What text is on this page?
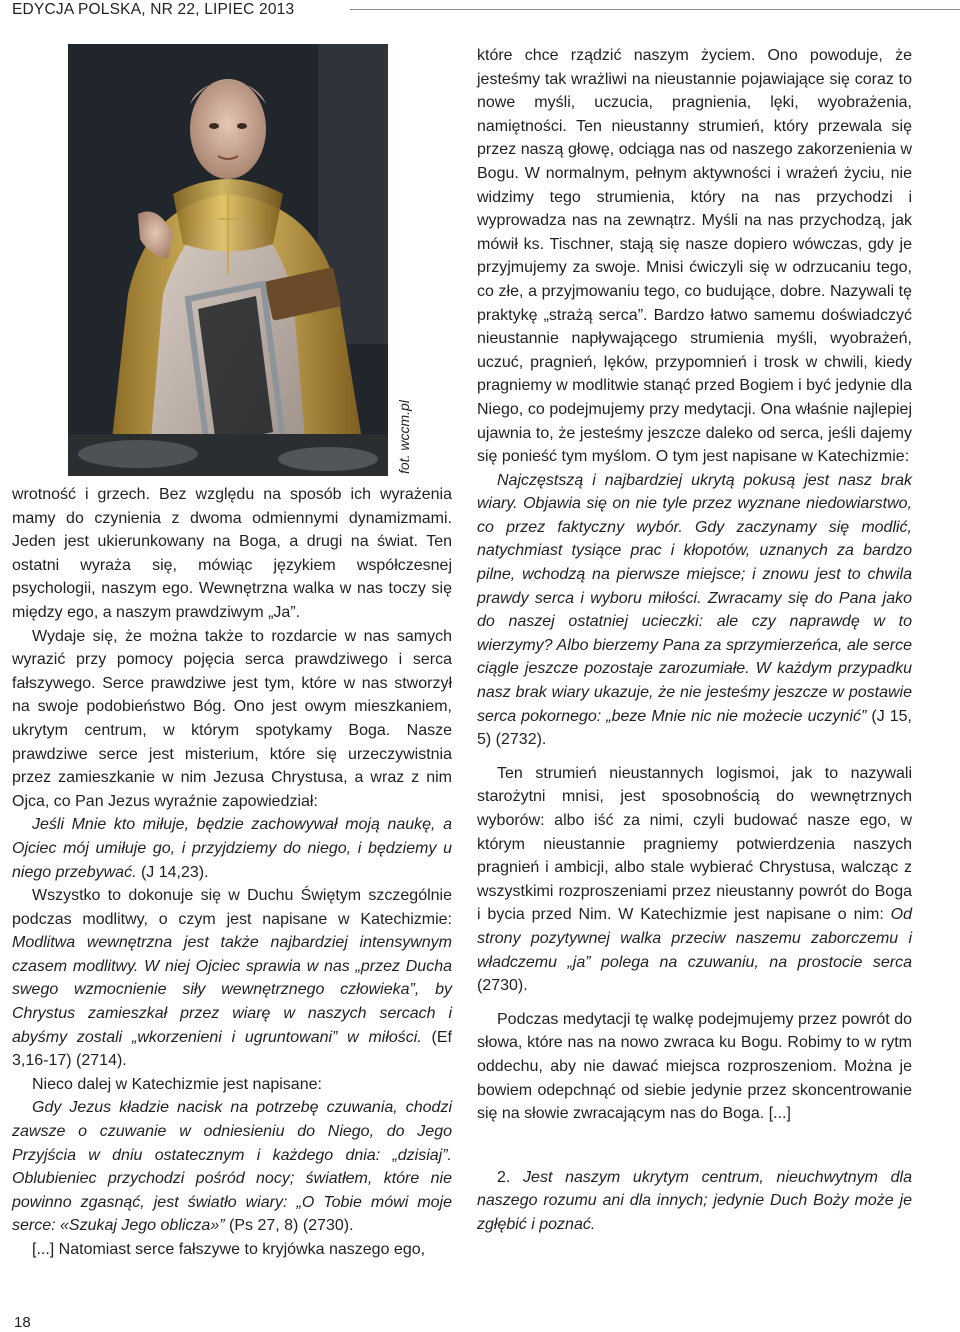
EDYCJA POLSKA, NR 22, LIPIEC 2013
fot. wccm.pl

wrotność i grzech. Bez względu na sposób ich wyrażenia mamy do czynienia z dwoma odmiennymi dynamizmami. Jeden jest ukierunkowany na Boga, a drugi na świat. Ten ostatni wyraża się, mówiąc językiem współczesnej psychologii, naszym ego. Wewnętrzna walka w nas toczy się między ego, a naszym prawdziwym „Ja”.

Wydaje się, że można także to rozdarcie w nas samych wyrazić przy pomocy pojęcia serca prawdziwego i serca fałszywego. Serce prawdziwe jest tym, które w nas stworzył na swoje podobieństwo Bóg. Ono jest owym mieszkaniem, ukrytym centrum, w którym spotykamy Boga. Nasze prawdziwe serce jest misterium, które się urzeczywistnia przez zamieszkanie w nim Jezusa Chrystusa, a wraz z nim Ojca, co Pan Jezus wyraźnie zapowiedział:

Jeśli Mnie kto miłuje, będzie zachowywał moją naukę, a Ojciec mój umiłuje go, i przyjdziemy do niego, i będziemy u niego przebywać. (J 14,23).

Wszystko to dokonuje się w Duchu Świętym szczególnie podczas modlitwy, o czym jest napisane w Katechizmie: Modlitwa wewnętrzna jest także najbardziej intensywnym czasem modlitwy. W niej Ojciec sprawia w nas „przez Ducha swego wzmocnienie siły wewnętrznego człowieka”, by Chrystus zamieszkał przez wiarę w naszych sercach i abyśmy zostali „wkorzenieni i ugruntowani” w miłości. (Ef 3,16-17) (2714).

Nieco dalej w Katechizmie jest napisane:

Gdy Jezus kładzie nacisk na potrzebę czuwania, chodzi zawsze o czuwanie w odniesieniu do Niego, do Jego Przyjścia w dniu ostatecznym i każdego dnia: „dzisiaj”. Oblubieniec przychodzi pośród nocy; światłem, które nie powinno zgasnąć, jest światło wiary: „O Tobie mówi moje serce: «Szukaj Jego oblicza»” (Ps 27, 8) (2730).

[...] Natomiast serce fałszywe to kryjówka naszego ego,

które chce rządzić naszym życiem. Ono powoduje, że jesteśmy tak wrażliwi na nieustannie pojawiające się coraz to nowe myśli, uczucia, pragnienia, lęki, wyobrażenia, namiętności. Ten nieustanny strumień, który przewala się przez naszą głowę, odciąga nas od naszego zakorzenienia w Bogu. W normalnym, pełnym aktywności i wrażeń życiu, nie widzimy tego strumienia, który na nas przychodzi i wyprowadza nas na zewnątrz. Myśli na nas przychodzą, jak mówił ks. Tischner, stają się nasze dopiero wówczas, gdy je przyjmujemy za swoje. Mnisi ćwiczyli się w odrzucaniu tego, co złe, a przyjmowaniu tego, co budujące, dobre. Nazywali tę praktykę „strażą serca”. Bardzo łatwo samemu doświadczyć nieustannie napływającego strumienia myśli, wyobrażeń, uczuć, pragnień, lęków, przypomnień i trosk w chwili, kiedy pragniemy w modlitwie stanąć przed Bogiem i być jedynie dla Niego, co podejmujemy przy medytacji. Ona właśnie najlepiej ujawnia to, że jesteśmy jeszcze daleko od serca, jeśli dajemy się ponieść tym myślom. O tym jest napisane w Katechizmie:

Najczęstszą i najbardziej ukrytą pokusą jest nasz brak wiary. Objawia się on nie tyle przez wyznane niedowiarstwo, co przez faktyczny wybór. Gdy zaczynamy się modlić, natychmiast tysiące prac i kłopotów, uznanych za bardzo pilne, wchodzą na pierwsze miejsce; i znowu jest to chwila prawdy serca i wyboru miłości. Zwracamy się do Pana jako do naszej ostatniej ucieczki: ale czy naprawdę w to wierzymy? Albo bierzemy Pana za sprzymierzeńca, ale serce ciągle jeszcze pozostaje zarozumiałe. W każdym przypadku nasz brak wiary ukazuje, że nie jesteśmy jeszcze w postawie serca pokornego: „beze Mnie nic nie możecie uczynić” (J 15, 5) (2732).

Ten strumień nieustannych logismoi, jak to nazywali starożytni mnisi, jest sposobnością do wewnętrznych wyborów: albo iść za nimi, czyli budować nasze ego, w którym nieustannie pragniemy potwierdzenia naszych pragnień i ambicji, albo stale wybierać Chrystusa, walcząc z wszystkimi rozproszeniami przez nieustanny powrót do Boga i bycia przed Nim. W Katechizmie jest napisane o nim: Od strony pozytywnej walka przeciw naszemu zaborczemu i władczemu „ja” polega na czuwaniu, na prostocie serca (2730).

Podczas medytacji tę walkę podejmujemy przez powrót do słowa, które nas na nowo zwraca ku Bogu. Robimy to w rytm oddechu, aby nie dawać miejsca rozproszeniom. Można je bowiem odepchnąć od siebie jedynie przez skoncentrowanie się na słowie zwracającym nas do Boga. [...]

2. Jest naszym ukrytym centrum, nieuchwytnym dla naszego rozumu ani dla innych; jedynie Duch Boży może je zgłębić i poznać.

18
